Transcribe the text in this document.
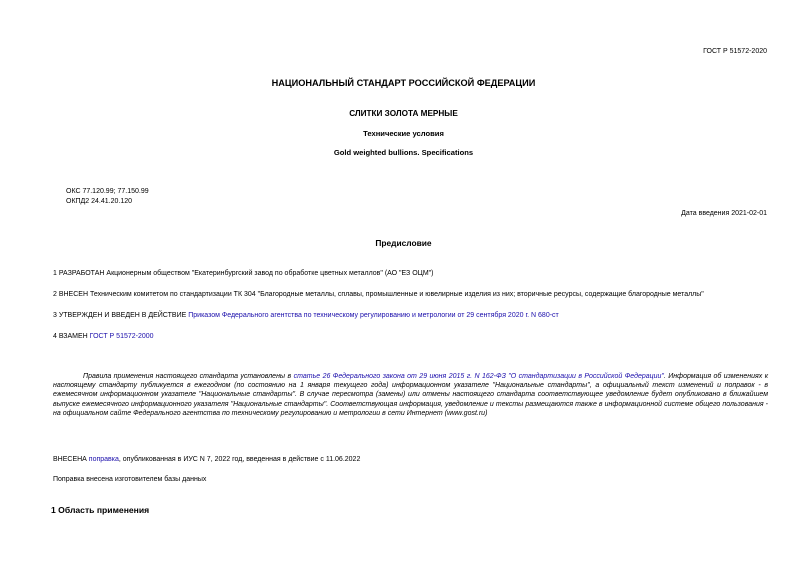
ГОСТ Р 51572-2020

НАЦИОНАЛЬНЫЙ СТАНДАРТ РОССИЙСКОЙ ФЕДЕРАЦИИ

СЛИТКИ ЗОЛОТА МЕРНЫЕ

Технические условия

Gold weighted bullions. Specifications

ОКС 77.120.99; 77.150.99

ОКПД2 24.41.20.120

Дата введения 2021-02-01

Предисловие

1 РАЗРАБОТАН Акционерным обществом "Екатеринбургский завод по обработке цветных металлов" (АО "ЕЗ ОЦМ")

2 ВНЕСЕН Техническим комитетом по стандартизации ТК 304 "Благородные металлы, сплавы, промышленные и ювелирные изделия из них; вторичные ресурсы, содержащие благородные металлы"

3 УТВЕРЖДЕН И ВВЕДЕН В ДЕЙСТВИЕ Приказом Федерального агентства по техническому регулированию и метрологии от 29 сентября 2020 г. N 680-ст

4 ВЗАМЕН ГОСТ Р 51572-2000

Правила применения настоящего стандарта установлены в статье 26 Федерального закона от 29 июня 2015 г. N 162-ФЗ "О стандартизации в Российской Федерации". Информация об изменениях к настоящему стандарту публикуется в ежегодном (по состоянию на 1 января текущего года) информационном указателе "Национальные стандарты", а официальный текст изменений и поправок - в ежемесячном информационном указателе "Национальные стандарты". В случае пересмотра (замены) или отмены настоящего стандарта соответствующее уведомление будет опубликовано в ближайшем выпуске ежемесячного информационного указателя "Национальные стандарты". Соответствующая информация, уведомление и тексты размещаются также в информационной системе общего пользования - на официальном сайте Федерального агентства по техническому регулированию и метрологии в сети Интернет (www.gost.ru)

ВНЕСЕНА поправка, опубликованная в ИУС N 7, 2022 год, введенная в действие с 11.06.2022

Поправка внесена изготовителем базы данных

1 Область применения
